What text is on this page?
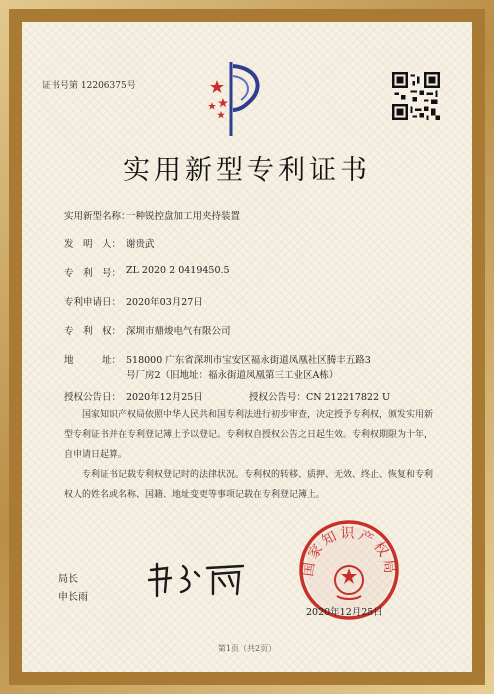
证书号第 12206375号
实用新型专利证书
实用新型名称：
一种锐控盘加工用夹持装置
发　明　人： 谢贵武
专　利　号： ZL 2020 2 0419450.5
专利申请日： 2020年03月27日
专　利　权： 深圳市鼎焌电气有限公司
地　　　址： 518000 广东省深圳市宝安区福永街道凤凰社区腾丰五路3
号厂房2（旧地址：福永街道凤凰第三工业区A栋）
授权公告日： 2020年12月25日	授权公告号：CN 212217822 U
国家知识产权局依照中华人民共和国专利法进行初步审查，决定授予专利权，颁发实用新型专利证书并在专利登记簿上予以登记。专利权自授权公告之日起生效。专利权期限为十年，自申请日起算。
专利证书记载专利权登记时的法律状况。专利权的转移、质押、无效、终止、恢复和专利权人的姓名或名称、国籍、地址变更等事项记载在专利登记簿上。
局长
申长雨
国家知识产权局
2020年12月25日
第1页（共2页）
